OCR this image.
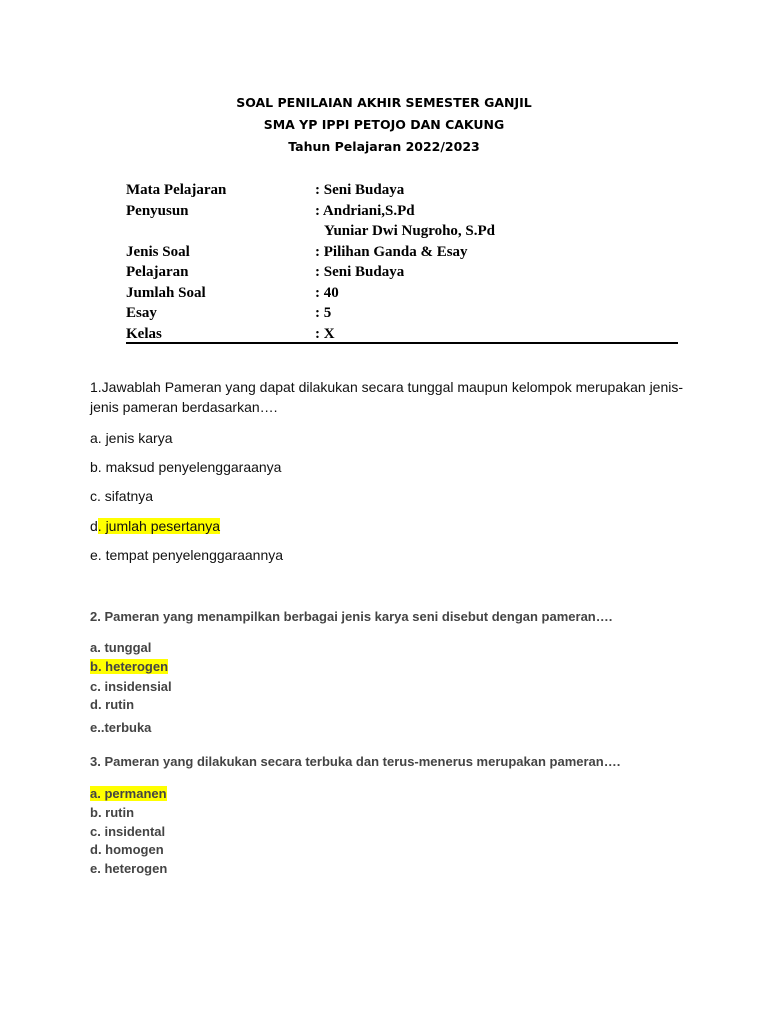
SOAL PENILAIAN AKHIR SEMESTER GANJIL
SMA YP IPPI PETOJO DAN CAKUNG
Tahun Pelajaran 2022/2023
Mata Pelajaran	: Seni Budaya
Penyusun	: Andriani,S.Pd
Yuniar Dwi Nugroho, S.Pd
Jenis Soal	: Pilihan Ganda & Esay
Pelajaran	: Seni Budaya
Jumlah Soal	: 40
Esay	: 5
Kelas	: X
1.Jawablah Pameran yang dapat dilakukan secara tunggal maupun kelompok merupakan jenis-jenis pameran berdasarkan….
a. jenis karya
b. maksud penyelenggaraanya
c. sifatnya
d. jumlah pesertanya
e. tempat penyelenggaraannya
2. Pameran yang menampilkan berbagai jenis karya seni disebut dengan pameran….
a. tunggal
b. heterogen
c. insidensial
d. rutin
e..terbuka
3. Pameran yang dilakukan secara terbuka dan terus-menerus merupakan pameran….
a. permanen
b. rutin
c. insidental
d. homogen
e. heterogen
